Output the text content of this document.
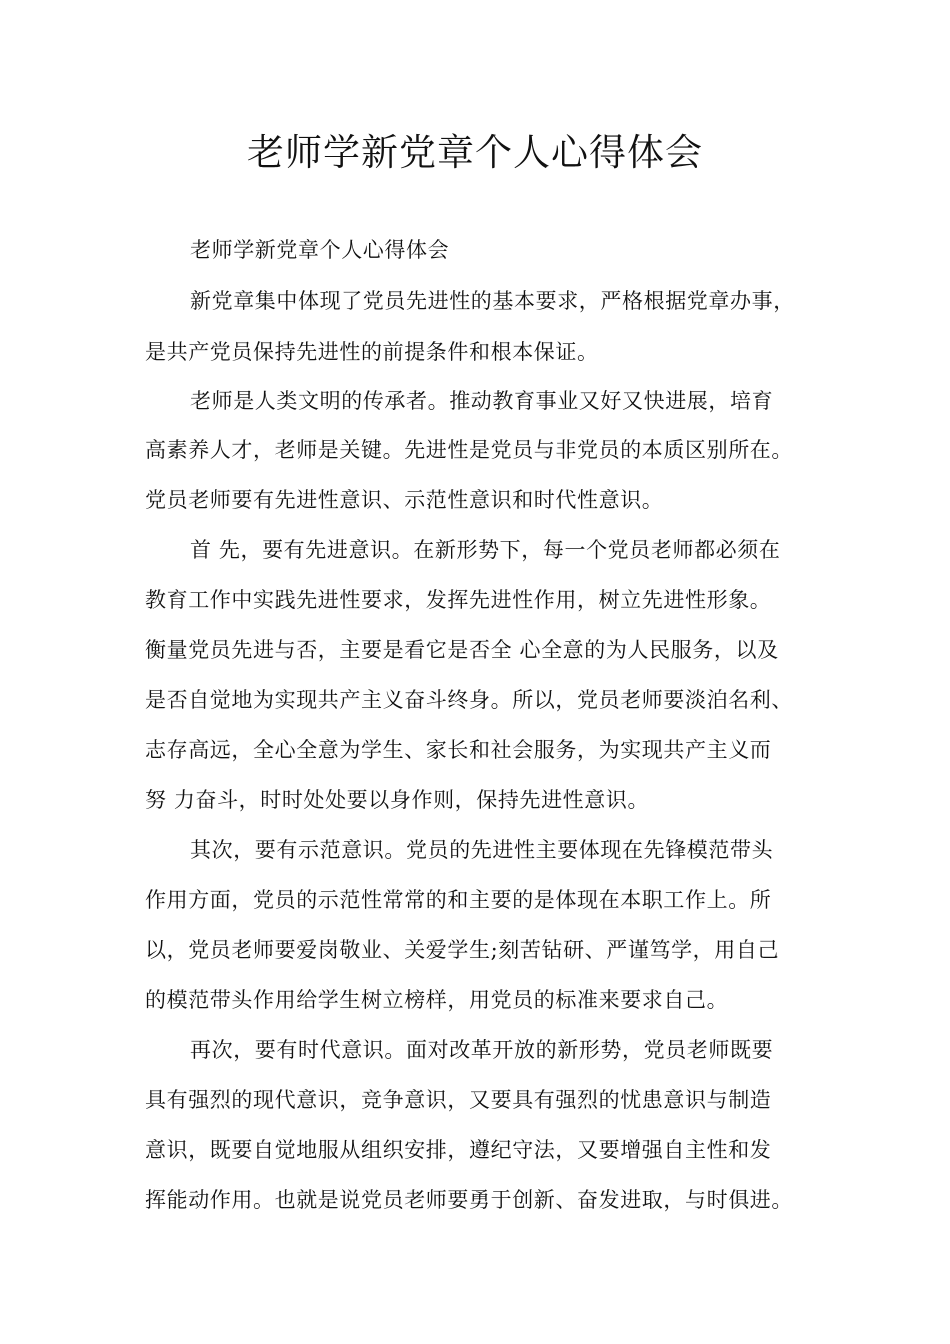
老师学新党章个人心得体会
老师学新党章个人心得体会
新党章集中体现了党员先进性的基本要求，严格根据党章办事，
是共产党员保持先进性的前提条件和根本保证。
老师是人类文明的传承者。推动教育事业又好又快进展，培育
高素养人才，老师是关键。先进性是党员与非党员的本质区别所在。
党员老师要有先进性意识、示范性意识和时代性意识。
首 先，要有先进意识。在新形势下，每一个党员老师都必须在
教育工作中实践先进性要求，发挥先进性作用，树立先进性形象。
衡量党员先进与否，主要是看它是否全 心全意的为人民服务，以及
是否自觉地为实现共产主义奋斗终身。所以，党员老师要淡泊名利、
志存高远，全心全意为学生、家长和社会服务，为实现共产主义而
努 力奋斗，时时处处要以身作则，保持先进性意识。
其次，要有示范意识。党员的先进性主要体现在先锋模范带头
作用方面，党员的示范性常常的和主要的是体现在本职工作上。所
以，党员老师要爱岗敬业、关爱学生;刻苦钻研、严谨笃学，用自己
的模范带头作用给学生树立榜样，用党员的标准来要求自己。
再次，要有时代意识。面对改革开放的新形势，党员老师既要
具有强烈的现代意识，竞争意识，又要具有强烈的忧患意识与制造
意识，既要自觉地服从组织安排，遵纪守法，又要增强自主性和发
挥能动作用。也就是说党员老师要勇于创新、奋发进取，与时俱进。
